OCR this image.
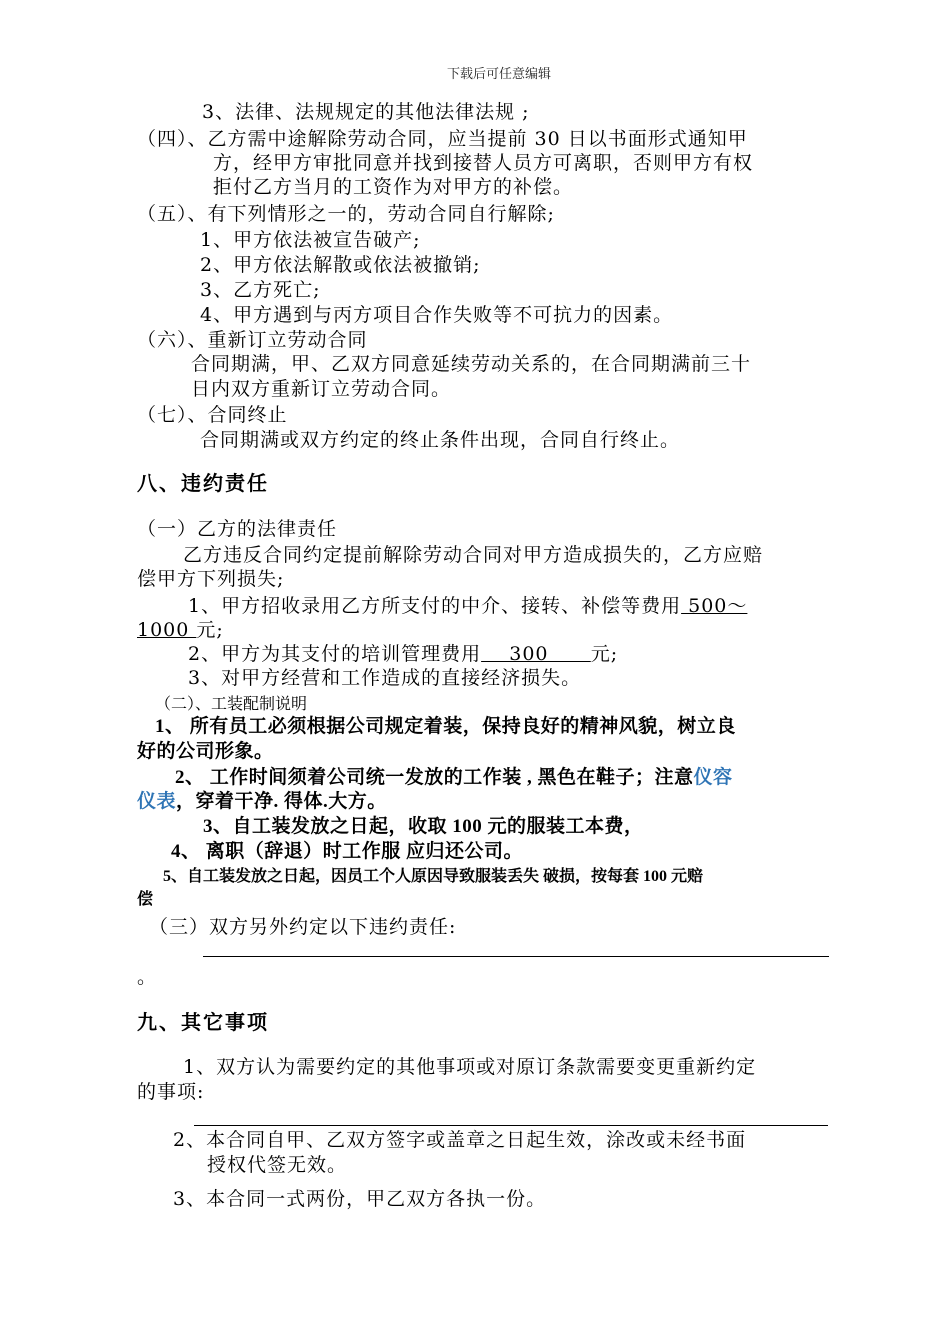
下载后可任意编辑
3、法律、法规规定的其他法律法规 ;
（四）、乙方需中途解除劳动合同，应当提前 30 日以书面形式通知甲
方，经甲方审批同意并找到接替人员方可离职，否则甲方有权
拒付乙方当月的工资作为对甲方的补偿。
（五）、有下列情形之一的，劳动合同自行解除;
1、甲方依法被宣告破产;
2、甲方依法解散或依法被撤销;
3、乙方死亡;
4、甲方遇到与丙方项目合作失败等不可抗力的因素。
（六）、重新订立劳动合同
合同期满，甲、乙双方同意延续劳动关系的，在合同期满前三十
日内双方重新订立劳动合同。
（七）、合同终止
合同期满或双方约定的终止条件出现，合同自行终止。
八、违约责任
（一）乙方的法律责任
乙方违反合同约定提前解除劳动合同对甲方造成损失的，乙方应赔
偿甲方下列损失;
1、甲方招收录用乙方所支付的中介、接转、补偿等费用 500～
1000 元;
2、甲方为其支付的培训管理费用    300      元;
3、对甲方经营和工作造成的直接经济损失。
（二）、工装配制说明
1、 所有员工必须根据公司规定着装，保持良好的精神风貌，树立良
好的公司形象。
2、 工作时间须着公司统一发放的工作装 , 黑色在鞋子；注意仪容
仪表，穿着干净. 得体.大方。
3、自工装发放之日起，收取 100 元的服装工本费，
4、 离职（辞退）时工作服 应归还公司。
5、自工装发放之日起，因员工个人原因导致服装丢失 破损，按每套 100 元赔
偿
（三）双方另外约定以下违约责任:
。
九、其它事项
1、双方认为需要约定的其他事项或对原订条款需要变更重新约定
的事项:
2、本合同自甲、乙双方签字或盖章之日起生效，涂改或未经书面
授权代签无效。
3、本合同一式两份，甲乙双方各执一份。
